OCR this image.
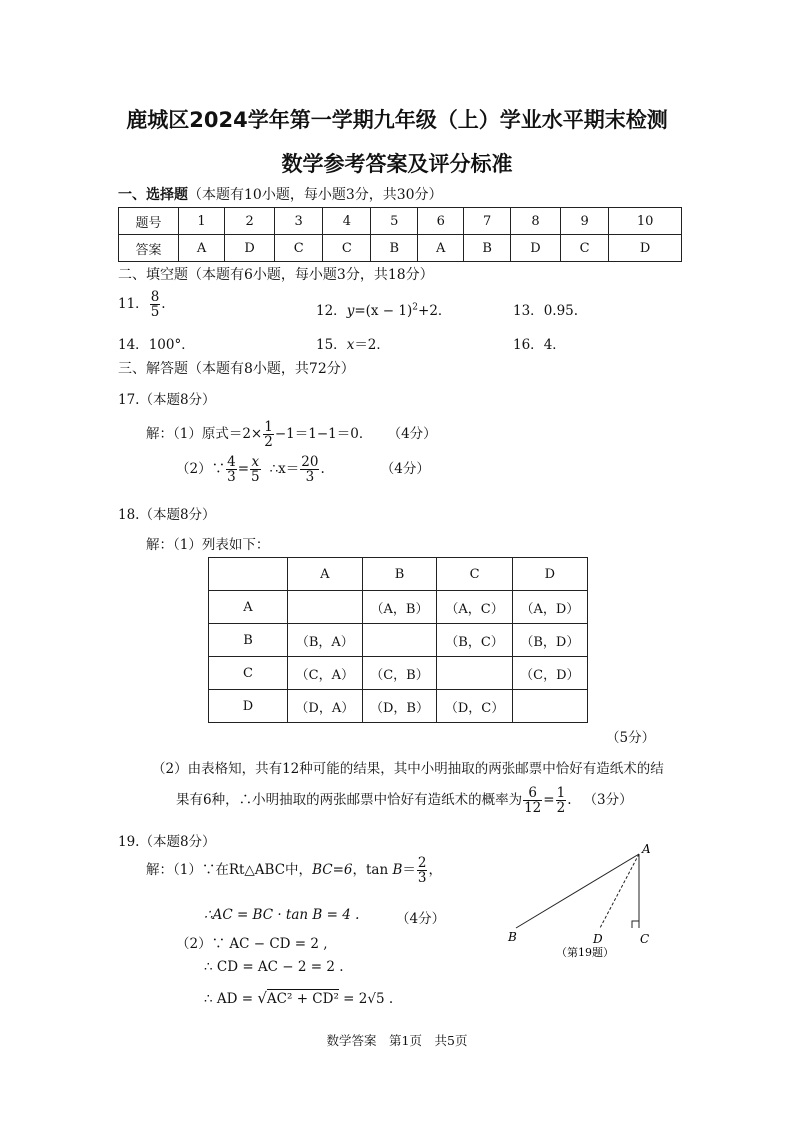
鹿城区2024学年第一学期九年级（上）学业水平期末检测
数学参考答案及评分标准
一、选择题（本题有10小题，每小题3分，共30分）
题号	1	2	3	4	5	6	7	8	9	10
答案	A	D	C	C	B	A	B	D	C	D
二、填空题（本题有6小题，每小题3分，共18分）
11． $\frac{8}{5}$ .	12．$y=(x - 1)^2+2$．	13．0.95.
14．100°．	15．x＝2．	16．4．
三、解答题（本题有8小题，共72分）
17.（本题8分）
解：（1）原式$=2\times \frac{1}{2} -1=1-1=0$． （4分）
（2）∵ $\frac{4}{3} = \frac{x}{5}$ ∴x＝ $\frac{20}{3}$ .	（4分）
18.（本题8分）
解：（1）列表如下：
	A	B	C	D
A		（A，B）	（A，C）	（A，D）
B	（B，A）		（B，C）	（B，D）
C	（C，A）	（C，B）		（C，D）
D	（D，A）	（D，B）	（D，C）	
（5分）
（2）由表格知，共有12种可能的结果，其中小明抽取的两张邮票中恰好有造纸术的结
果有6种，∴小明抽取的两张邮票中恰好有造纸术的概率为 $\frac{6}{12} = \frac{1}{2}$ . （3分）
19.（本题8分）
解：（1）∵在Rt△ABC中，BC=6，$\tan B= \frac{2}{3}$ ，
∴AC = BC · tan B = 4 .	（4分）
（2）∵ AC − CD = 2 ,
∴ CD = AC − 2 = 2 .
∴ AD = √AC² + CD² = 2√5 .
A
B	D	C
（第19题）
数学答案　第1页　共5页
